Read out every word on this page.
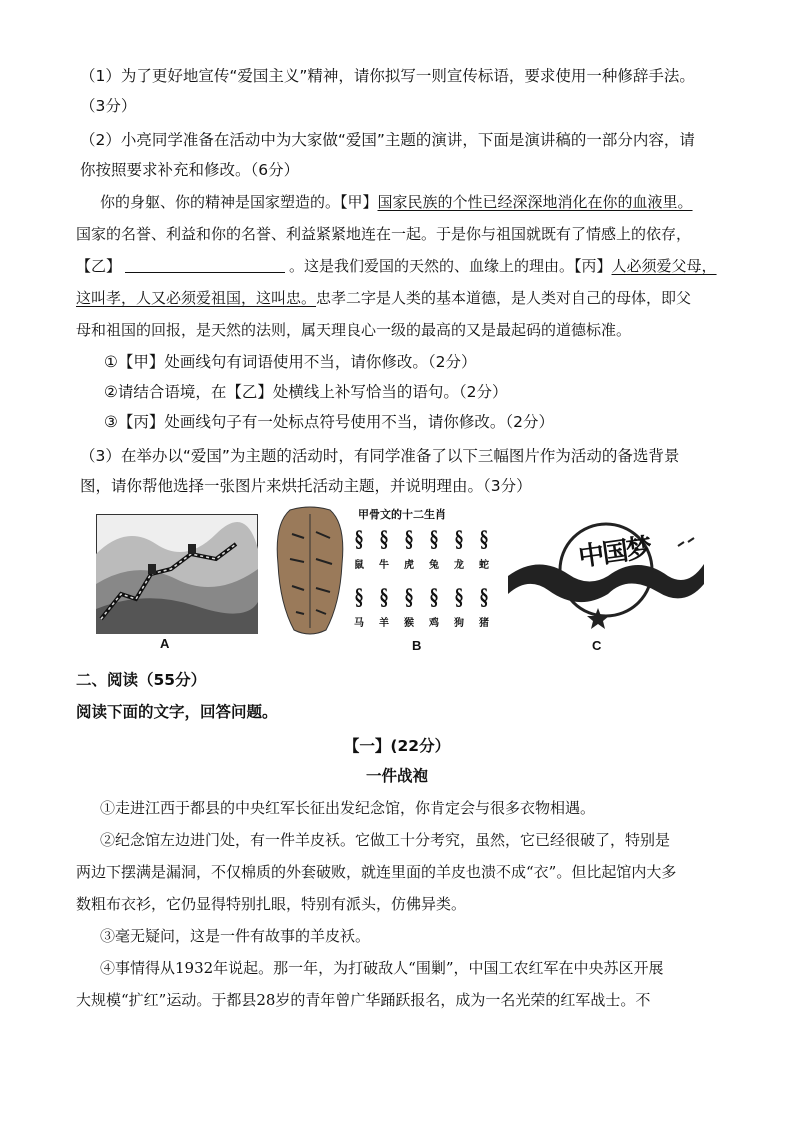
（1）为了更好地宣传“爱国主义”精神，请你拟写一则宣传标语，要求使用一种修辞手法。
（3分）
（2）小亮同学准备在活动中为大家做“爱国”主题的演讲，下面是演讲稿的一部分内容，请
你按照要求补充和修改。（6分）
你的身躯、你的精神是国家塑造的。【甲】国家民族的个性已经深深地消化在你的血液里。
国家的名誉、利益和你的名誉、利益紧紧地连在一起。于是你与祖国就既有了情感上的依存，
【乙】	。这是我们爱国的天然的、血缘上的理由。【丙】人必须爱父母，
这叫孝，人又必须爱祖国，这叫忠。忠孝二字是人类的基本道德，是人类对自己的母体，即父
母和祖国的回报，是天然的法则，属天理良心一级的最高的又是最起码的道德标准。
①【甲】处画线句有词语使用不当，请你修改。（2分）
②请结合语境，在【乙】处横线上补写恰当的语句。（2分）
③【丙】处画线句子有一处标点符号使用不当，请你修改。（2分）
（3）在举办以“爱国”为主题的活动时，有同学准备了以下三幅图片作为活动的备选背景
图，请你帮他选择一张图片来烘托活动主题，并说明理由。（3分）
A
甲骨文的十二生肖
§
鼠
§
牛
§
虎
§
兔
§
龙
§
蛇
§
马
§
羊
§
猴
§
鸡
§
狗
§
猪
B
中国梦
C
二、阅读（55分）
阅读下面的文字，回答问题。
【一】(22分）
一件战袍
①走进江西于都县的中央红军长征出发纪念馆，你肯定会与很多衣物相遇。
②纪念馆左边进门处，有一件羊皮袄。它做工十分考究，虽然，它已经很破了，特别是
两边下摆满是漏洞，不仅棉质的外套破败，就连里面的羊皮也溃不成“衣”。但比起馆内大多
数粗布衣衫，它仍显得特别扎眼，特别有派头，仿佛异类。
③毫无疑问，这是一件有故事的羊皮袄。
④事情得从1932年说起。那一年，为打破敌人“围剿”，中国工农红军在中央苏区开展
大规模“扩红”运动。于都县28岁的青年曾广华踊跃报名，成为一名光荣的红军战士。不
